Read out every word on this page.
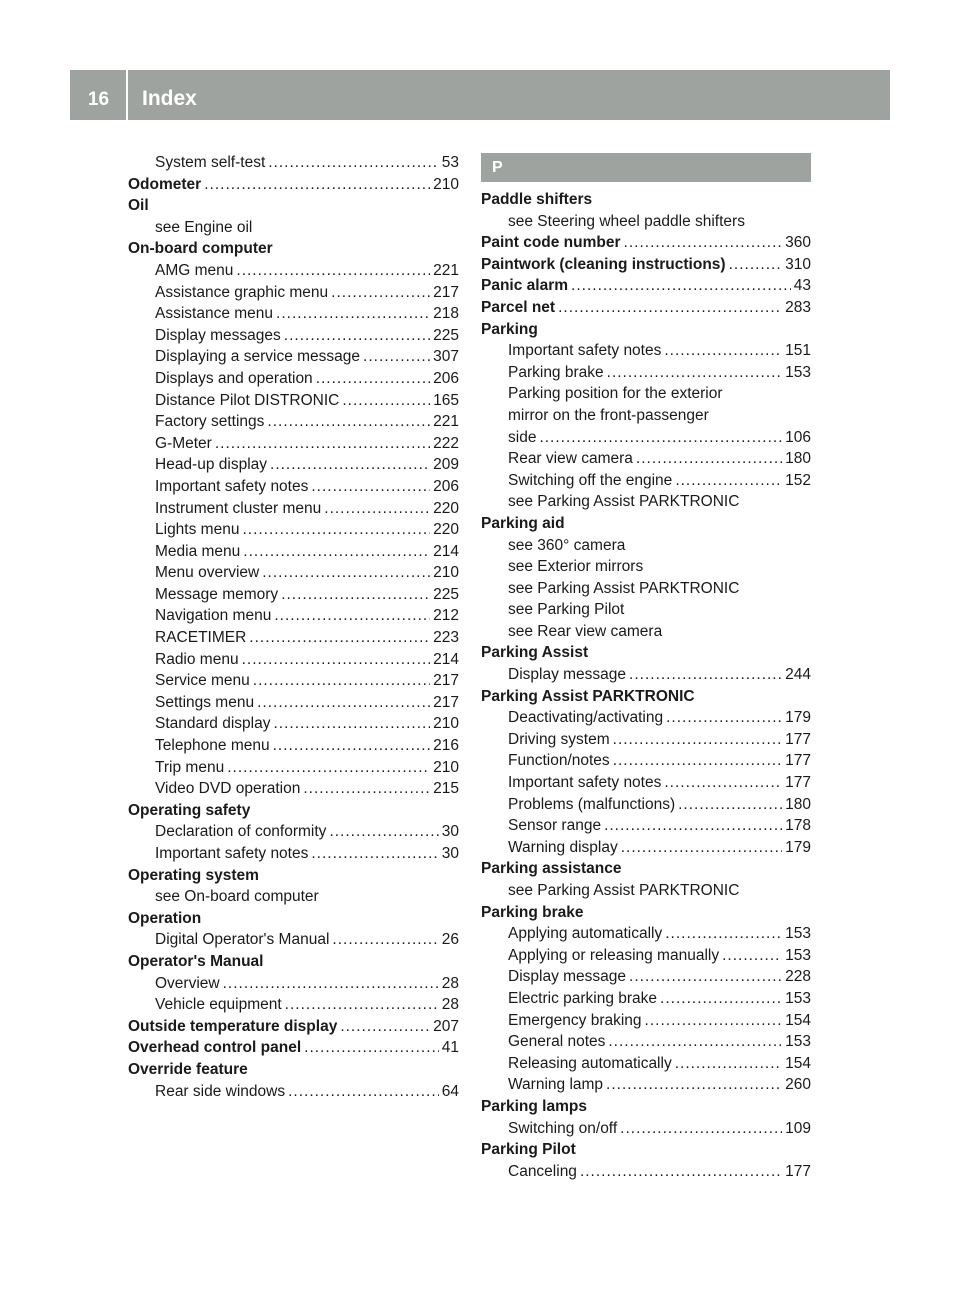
16	Index
System self-test .....	53
Odometer .....	210
Oil
see Engine oil
On-board computer
AMG menu .....	221
Assistance graphic menu .....	217
Assistance menu .....	218
Display messages .....	225
Displaying a service message .....	307
Displays and operation .....	206
Distance Pilot DISTRONIC .....	165
Factory settings .....	221
G-Meter .....	222
Head-up display .....	209
Important safety notes .....	206
Instrument cluster menu .....	220
Lights menu .....	220
Media menu .....	214
Menu overview .....	210
Message memory .....	225
Navigation menu .....	212
RACETIMER .....	223
Radio menu .....	214
Service menu .....	217
Settings menu .....	217
Standard display .....	210
Telephone menu .....	216
Trip menu .....	210
Video DVD operation .....	215
Operating safety
Declaration of conformity .....	30
Important safety notes .....	30
Operating system
see On-board computer
Operation
Digital Operator's Manual .....	26
Operator's Manual
Overview .....	28
Vehicle equipment .....	28
Outside temperature display .....	207
Overhead control panel .....	41
Override feature
Rear side windows .....	64
P
Paddle shifters
see Steering wheel paddle shifters
Paint code number .....	360
Paintwork (cleaning instructions) .....	310
Panic alarm .....	43
Parcel net .....	283
Parking
Important safety notes .....	151
Parking brake .....	153
Parking position for the exterior
mirror on the front-passenger
side .....	106
Rear view camera .....	180
Switching off the engine .....	152
see Parking Assist PARKTRONIC
Parking aid
see 360° camera
see Exterior mirrors
see Parking Assist PARKTRONIC
see Parking Pilot
see Rear view camera
Parking Assist
Display message .....	244
Parking Assist PARKTRONIC
Deactivating/activating .....	179
Driving system .....	177
Function/notes .....	177
Important safety notes .....	177
Problems (malfunctions) .....	180
Sensor range .....	178
Warning display .....	179
Parking assistance
see Parking Assist PARKTRONIC
Parking brake
Applying automatically .....	153
Applying or releasing manually .....	153
Display message .....	228
Electric parking brake .....	153
Emergency braking .....	154
General notes .....	153
Releasing automatically .....	154
Warning lamp .....	260
Parking lamps
Switching on/off .....	109
Parking Pilot
Canceling .....	177
